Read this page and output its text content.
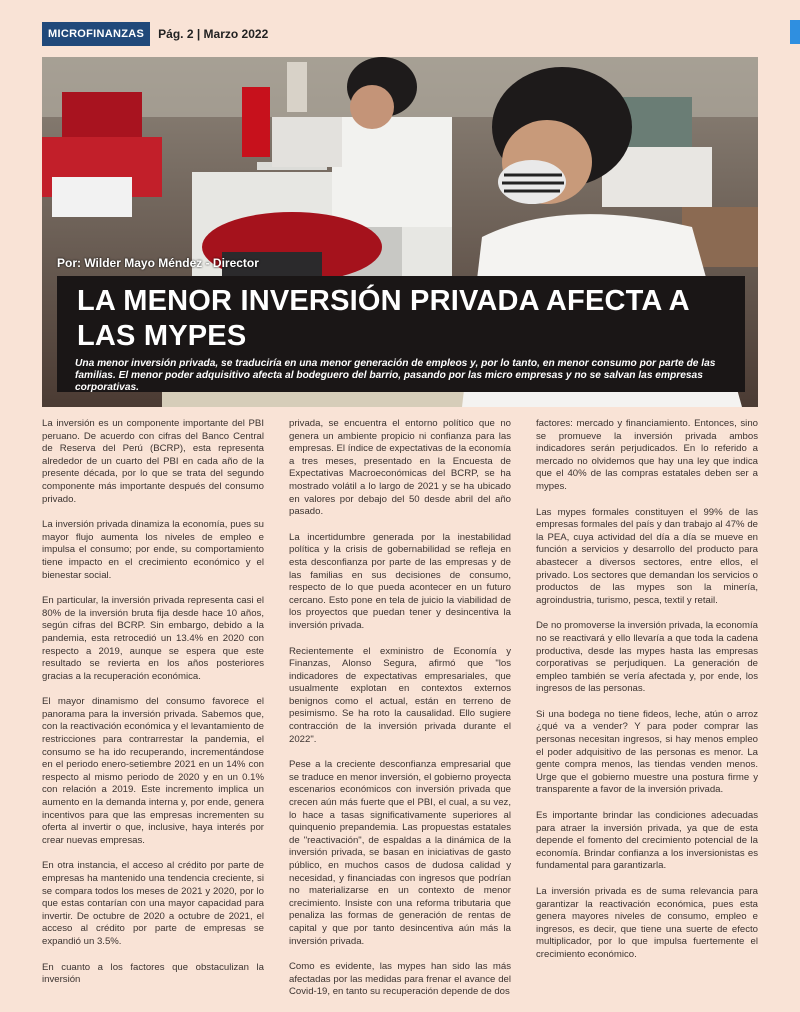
MICROFINANZAS	Pág. 2 | Marzo 2022
Por: Wilder Mayo Méndez - Director
LA MENOR INVERSIÓN PRIVADA AFECTA A LAS MYPES
Una menor inversión privada, se traduciría en una menor generación de empleos y, por lo tanto, en menor consumo por parte de las familias. El menor poder adquisitivo afecta al bodeguero del barrio, pasando por las micro empresas y no se salvan las empresas corporativas.

La inversión es un componente importante del PBI peruano. De acuerdo con cifras del Banco Central de Reserva del Perú (BCRP), esta representa alrededor de un cuarto del PBI en cada año de la presente década, por lo que se trata del segundo componente más importante después del consumo privado.

La inversión privada dinamiza la economía, pues su mayor flujo aumenta los niveles de empleo e impulsa el consumo; por ende, su comportamiento tiene impacto en el crecimiento económico y el bienestar social.

En particular, la inversión privada representa casi el 80% de la inversión bruta fija desde hace 10 años, según cifras del BCRP. Sin embargo, debido a la pandemia, esta retrocedió un 13.4% en 2020 con respecto a 2019, aunque se espera que este resultado se revierta en los años posteriores gracias a la recuperación económica.

El mayor dinamismo del consumo favorece el panorama para la inversión privada. Sabemos que, con la reactivación económica y el levantamiento de restricciones para contrarrestar la pandemia, el consumo se ha ido recuperando, incrementándose en el periodo enero-setiembre 2021 en un 14% con respecto al mismo periodo de 2020 y en un 0.1% con relación a 2019. Este incremento implica un aumento en la demanda interna y, por ende, genera incentivos para que las empresas incrementen su oferta al invertir o que, inclusive, haya interés por crear nuevas empresas.

En otra instancia, el acceso al crédito por parte de empresas ha mantenido una tendencia creciente, si se compara todos los meses de 2021 y 2020, por lo que estas contarían con una mayor capacidad para invertir. De octubre de 2020 a octubre de 2021, el acceso al crédito por parte de empresas se expandió un 3.5%.

En cuanto a los factores que obstaculizan la inversión

privada, se encuentra el entorno político que no genera un ambiente propicio ni confianza para las empresas. El índice de expectativas de la economía a tres meses, presentado en la Encuesta de Expectativas Macroeconómicas del BCRP, se ha mostrado volátil a lo largo de 2021 y se ha ubicado en valores por debajo del 50 desde abril del año pasado.

La incertidumbre generada por la inestabilidad política y la crisis de gobernabilidad se refleja en esta desconfianza por parte de las empresas y de las familias en sus decisiones de consumo, respecto de lo que pueda acontecer en un futuro cercano. Esto pone en tela de juicio la viabilidad de los proyectos que puedan tener y desincentiva la inversión privada.

Recientemente el exministro de Economía y Finanzas, Alonso Segura, afirmó que "los indicadores de expectativas empresariales, que usualmente explotan en contextos externos benignos como el actual, están en terreno de pesimismo. Se ha roto la causalidad. Ello sugiere contracción de la inversión privada durante el 2022".

Pese a la creciente desconfianza empresarial que se traduce en menor inversión, el gobierno proyecta escenarios económicos con inversión privada que crecen aún más fuerte que el PBI, el cual, a su vez, lo hace a tasas significativamente superiores al quinquenio prepandemia. Las propuestas estatales de "reactivación", de espaldas a la dinámica de la inversión privada, se basan en iniciativas de gasto público, en muchos casos de dudosa calidad y necesidad, y financiadas con ingresos que podrían no materializarse en un contexto de menor crecimiento. Insiste con una reforma tributaria que penaliza las formas de generación de rentas de capital y que por tanto desincentiva aún más la inversión privada.

Como es evidente, las mypes han sido las más afectadas por las medidas para frenar el avance del Covid-19, en tanto su recuperación depende de dos

factores: mercado y financiamiento. Entonces, sino se promueve la inversión privada ambos indicadores serán perjudicados. En lo referido a mercado no olvidemos que hay una ley que indica que el 40% de las compras estatales deben ser a mypes.

Las mypes formales constituyen el 99% de las empresas formales del país y dan trabajo al 47% de la PEA, cuya actividad del día a día se mueve en función a servicios y desarrollo del producto para abastecer a diversos sectores, entre ellos, el privado. Los sectores que demandan los servicios o productos de las mypes son la minería, agroindustria, turismo, pesca, textil y retail.

De no promoverse la inversión privada, la economía no se reactivará y ello llevaría a que toda la cadena productiva, desde las mypes hasta las empresas corporativas se perjudiquen. La generación de empleo también se vería afectada y, por ende, los ingresos de las personas.

Si una bodega no tiene fideos, leche, atún o arroz ¿qué va a vender? Y para poder comprar las personas necesitan ingresos, si hay menos empleo el poder adquisitivo de las personas es menor. La gente compra menos, las tiendas venden menos. Urge que el gobierno muestre una postura firme y transparente a favor de la inversión privada.

Es importante brindar las condiciones adecuadas para atraer la inversión privada, ya que de esta depende el fomento del crecimiento potencial de la economía. Brindar confianza a los inversionistas es fundamental para garantizarla.

La inversión privada es de suma relevancia para garantizar la reactivación económica, pues esta genera mayores niveles de consumo, empleo e ingresos, es decir, que tiene una suerte de efecto multiplicador, por lo que impulsa fuertemente el crecimiento económico.
